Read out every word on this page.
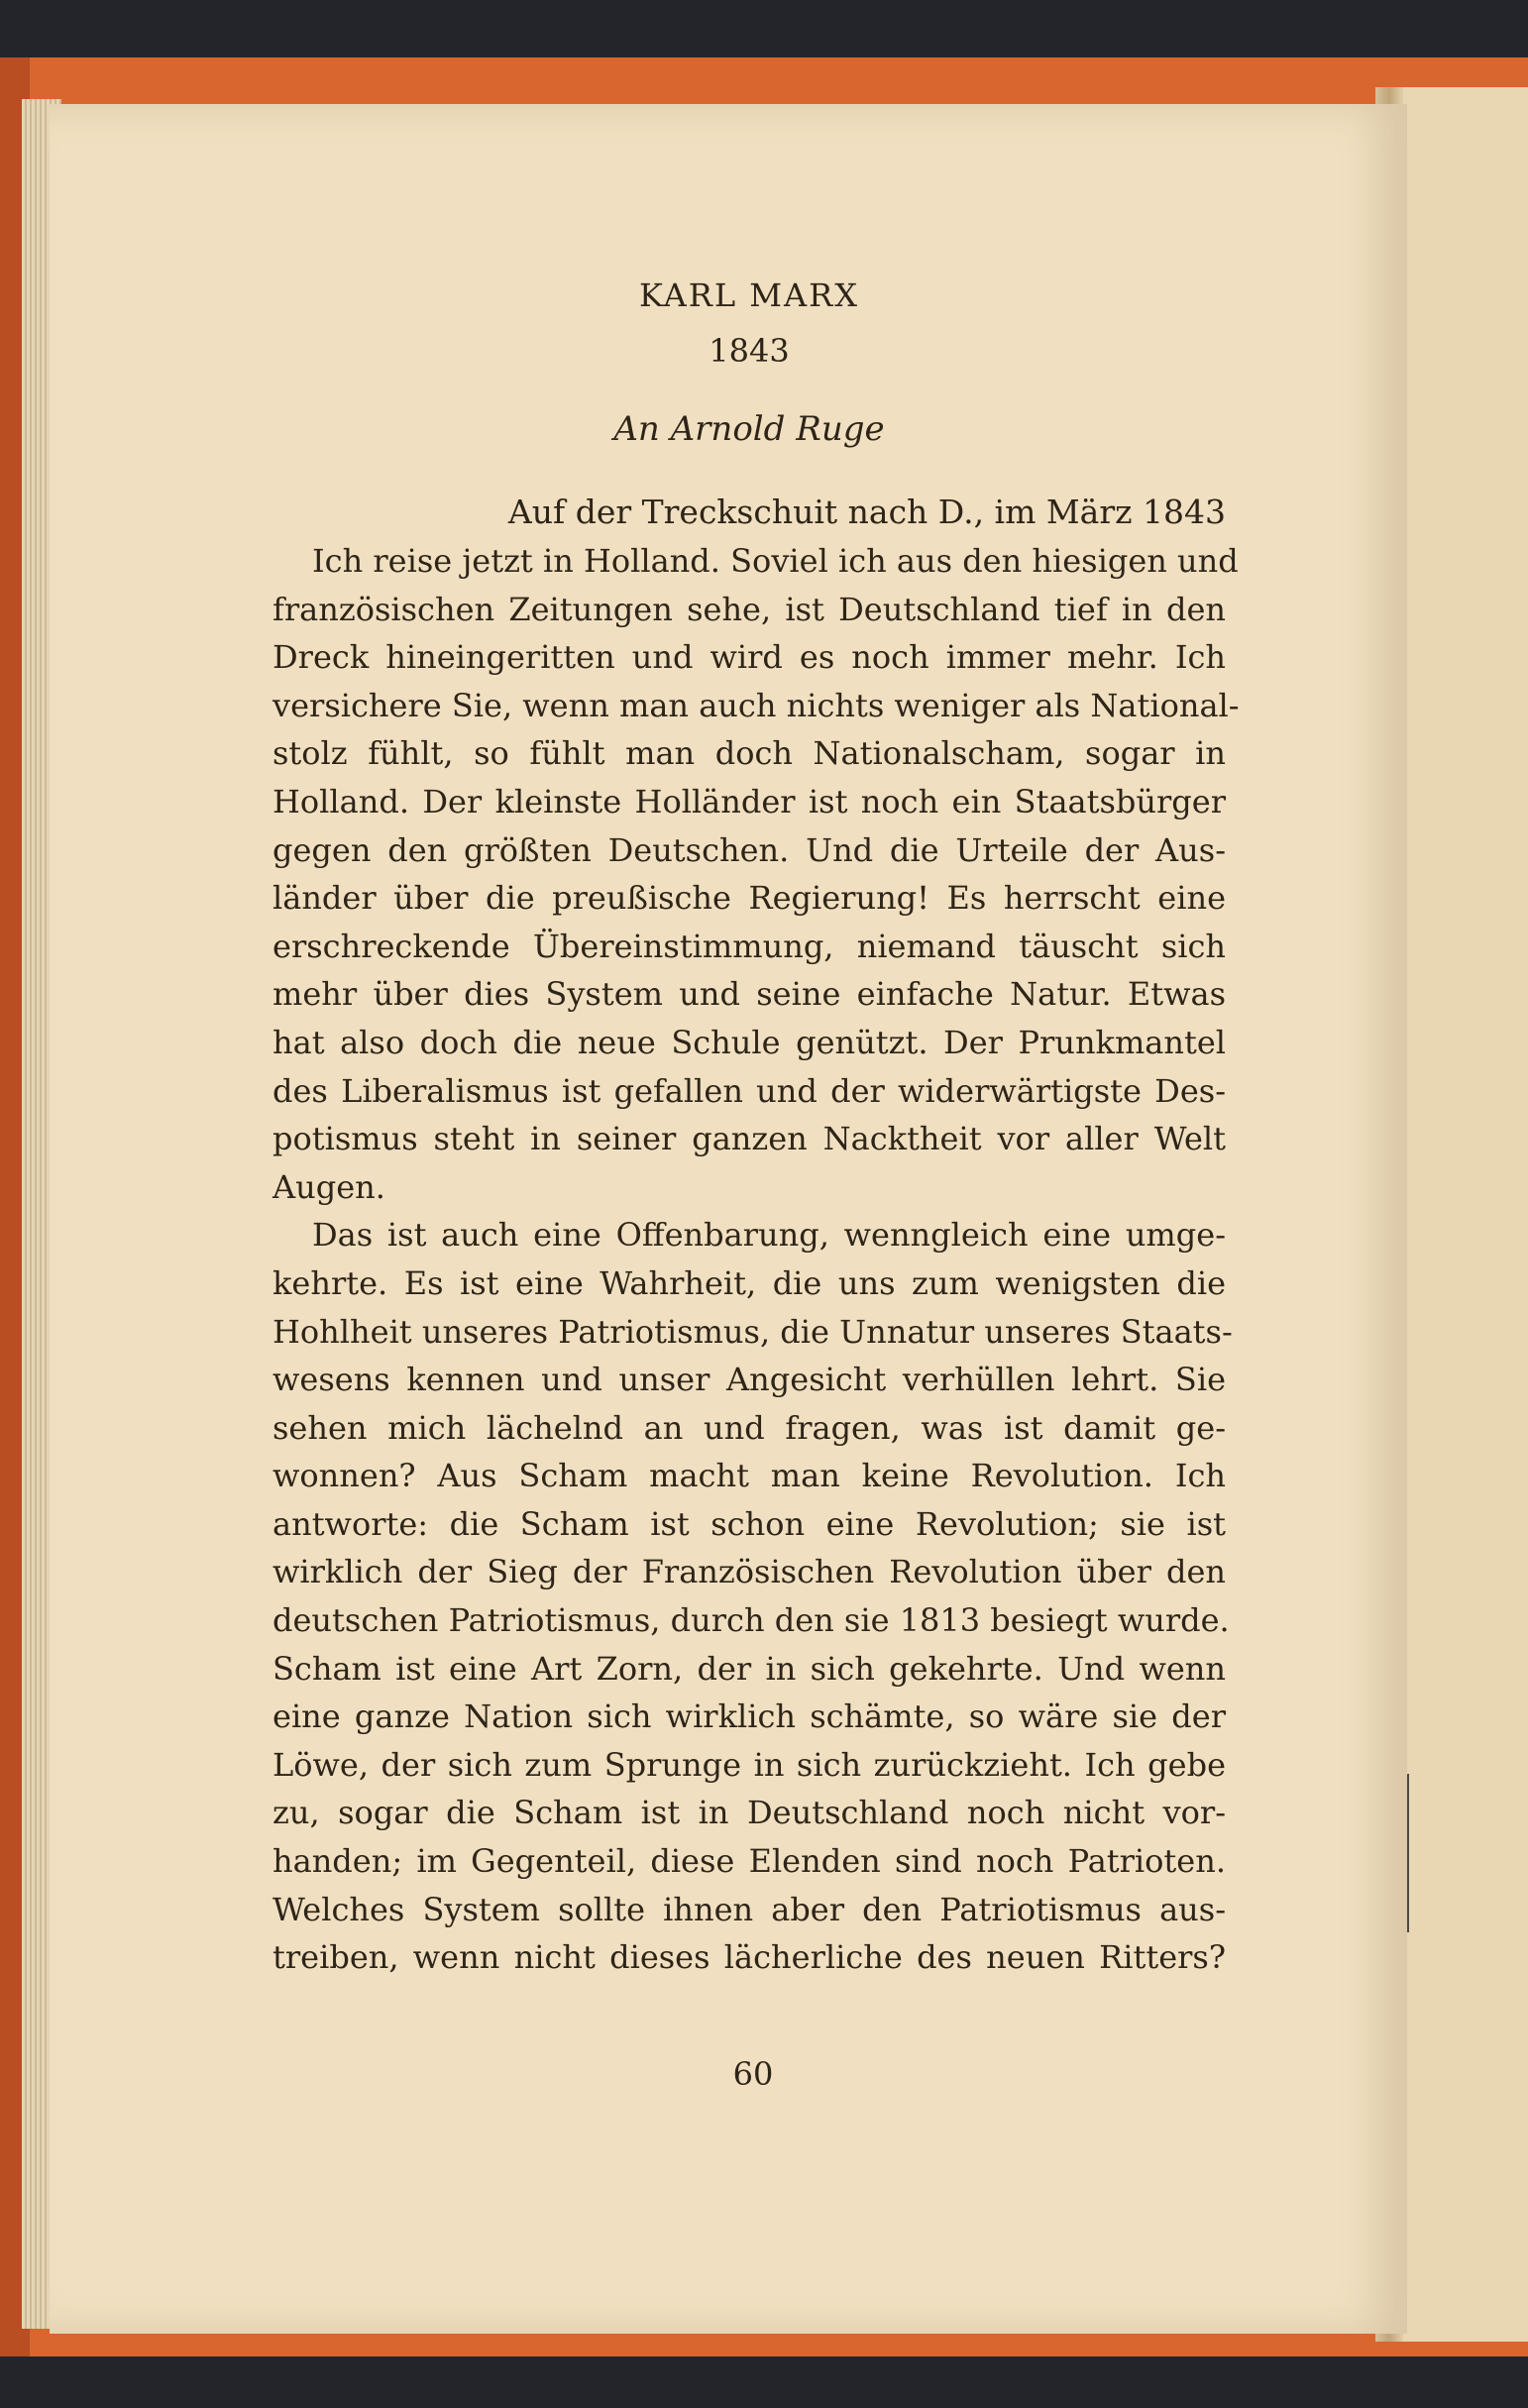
KARL MARX
1843
An Arnold Ruge
Auf der Treckschuit nach D., im März 1843
Ich reise jetzt in Holland. Soviel ich aus den hiesigen und
französischen Zeitungen sehe, ist Deutschland tief in den
Dreck hineingeritten und wird es noch immer mehr. Ich
versichere Sie, wenn man auch nichts weniger als National-
stolz fühlt, so fühlt man doch Nationalscham, sogar in
Holland. Der kleinste Holländer ist noch ein Staatsbürger
gegen den größten Deutschen. Und die Urteile der Aus-
länder über die preußische Regierung! Es herrscht eine
erschreckende Übereinstimmung, niemand täuscht sich
mehr über dies System und seine einfache Natur. Etwas
hat also doch die neue Schule genützt. Der Prunkmantel
des Liberalismus ist gefallen und der widerwärtigste Des-
potismus steht in seiner ganzen Nacktheit vor aller Welt
Augen.
Das ist auch eine Offenbarung, wenngleich eine umge-
kehrte. Es ist eine Wahrheit, die uns zum wenigsten die
Hohlheit unseres Patriotismus, die Unnatur unseres Staats-
wesens kennen und unser Angesicht verhüllen lehrt. Sie
sehen mich lächelnd an und fragen, was ist damit ge-
wonnen? Aus Scham macht man keine Revolution. Ich
antworte: die Scham ist schon eine Revolution; sie ist
wirklich der Sieg der Französischen Revolution über den
deutschen Patriotismus, durch den sie 1813 besiegt wurde.
Scham ist eine Art Zorn, der in sich gekehrte. Und wenn
eine ganze Nation sich wirklich schämte, so wäre sie der
Löwe, der sich zum Sprunge in sich zurückzieht. Ich gebe
zu, sogar die Scham ist in Deutschland noch nicht vor-
handen; im Gegenteil, diese Elenden sind noch Patrioten.
Welches System sollte ihnen aber den Patriotismus aus-
treiben, wenn nicht dieses lächerliche des neuen Ritters?
60
